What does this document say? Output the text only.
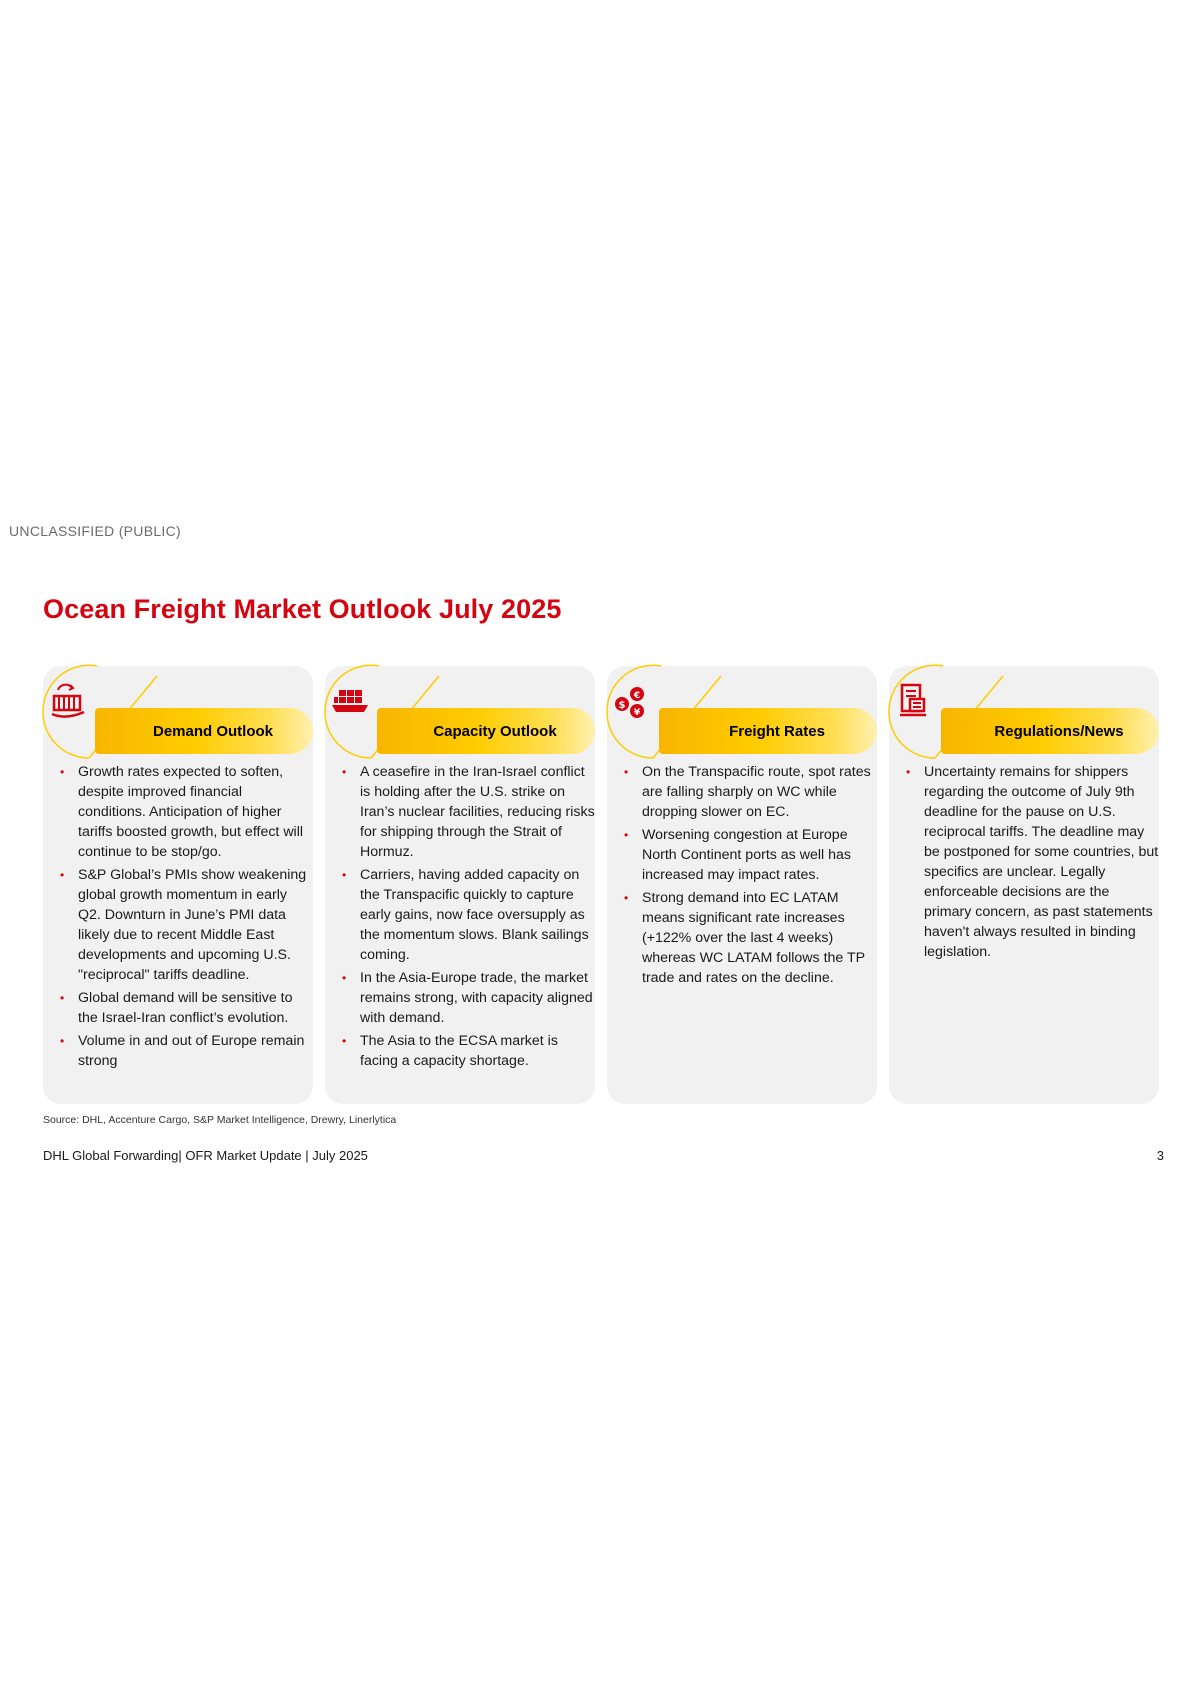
UNCLASSIFIED (PUBLIC)
Ocean Freight Market Outlook July 2025
Demand Outlook
• Growth rates expected to soften, despite improved financial conditions. Anticipation of higher tariffs boosted growth, but effect will continue to be stop/go.
• S&P Global’s PMIs show weakening global growth momentum in early Q2. Downturn in June’s PMI data likely due to recent Middle East developments and upcoming U.S. "reciprocal" tariffs deadline.
• Global demand will be sensitive to the Israel-Iran conflict’s evolution.
• Volume in and out of Europe remain strong
Capacity Outlook
• A ceasefire in the Iran-Israel conflict is holding after the U.S. strike on Iran’s nuclear facilities, reducing risks for shipping through the Strait of Hormuz.
• Carriers, having added capacity on the Transpacific quickly to capture early gains, now face oversupply as the momentum slows. Blank sailings coming.
• In the Asia-Europe trade, the market remains strong, with capacity aligned with demand.
• The Asia to the ECSA market is facing a capacity shortage.
$
€
¥
Freight Rates
• On the Transpacific route, spot rates are falling sharply on WC while dropping slower on EC.
• Worsening congestion at Europe North Continent ports as well has increased may impact rates.
• Strong demand into EC LATAM means significant rate increases (+122% over the last 4 weeks) whereas WC LATAM follows the TP trade and rates on the decline.
Regulations/News
• Uncertainty remains for shippers regarding the outcome of July 9th deadline for the pause on U.S. reciprocal tariffs. The deadline may be postponed for some countries, but specifics are unclear. Legally enforceable decisions are the primary concern, as past statements haven't always resulted in binding legislation.
Source: DHL, Accenture Cargo, S&P Market Intelligence, Drewry, Linerlytica
DHL Global Forwarding| OFR Market Update | July 2025	3
